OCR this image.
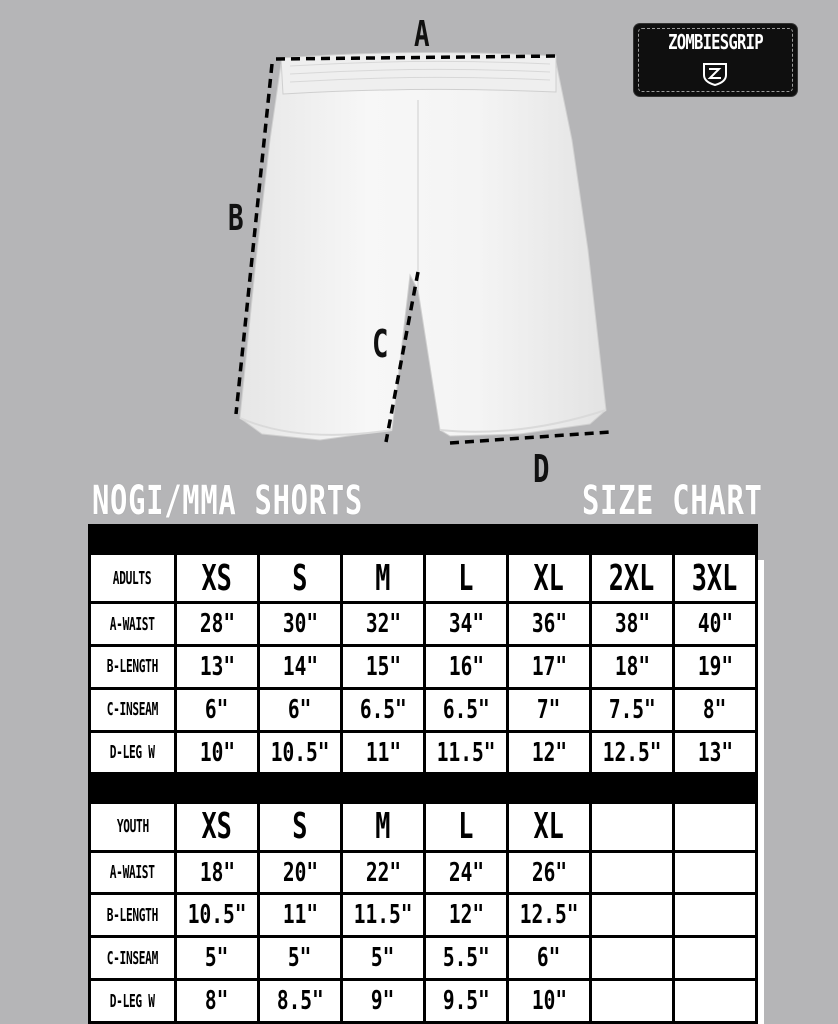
A
B
C
D
ZOMBIESGRIP
NOGI/MMA SHORTS	SIZE CHART

ADULTS	XS	S	M	L	XL	2XL	3XL
A-WAIST	28"	30"	32"	34"	36"	38"	40"
B-LENGTH	13"	14"	15"	16"	17"	18"	19"
C-INSEAM	6"	6"	6.5"	6.5"	7"	7.5"	8"
D-LEG W	10"	10.5"	11"	11.5"	12"	12.5"	13"

YOUTH	XS	S	M	L	XL		
A-WAIST	18"	20"	22"	24"	26"		
B-LENGTH	10.5"	11"	11.5"	12"	12.5"		
C-INSEAM	5"	5"	5"	5.5"	6"		
D-LEG W	8"	8.5"	9"	9.5"	10"		
